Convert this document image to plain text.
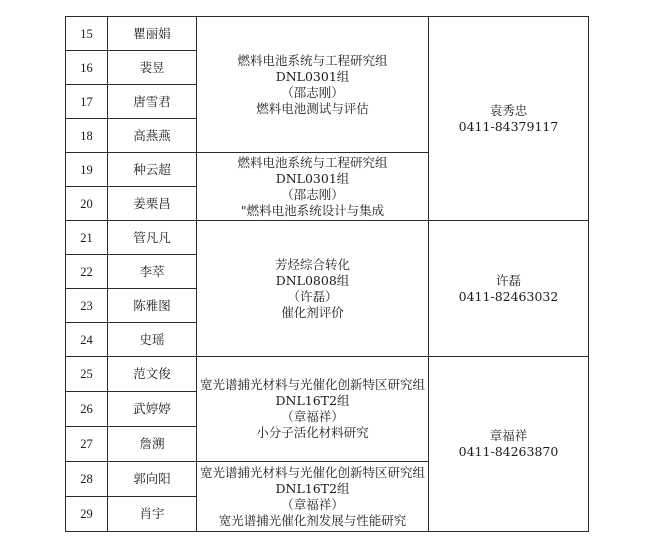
15	瞿丽娟	燃料电池系统与工程研究组
DNL0301组
（邵志刚）
燃料电池测试与评估	袁秀忠
0411-84379117

16	裴昱		
17	唐雪君		
18	高燕燕		
19	种云超	燃料电池系统与工程研究组
DNL0301组
（邵志刚）
"燃料电池系统设计与集成	

20	姜栗昌		
21	管凡凡	芳烃综合转化
DNL0808组
（许磊）
催化剂评价	许磊
0411-82463032

22	李萃		
23	陈雅图		
24	史瑶		
25	范文俊	宽光谱捕光材料与光催化创新特区研究组
DNL16T2组
（章福祥）
小分子活化材料研究	章福祥
0411-84263870

26	武婷婷		
27	詹溯		
28	郭向阳	宽光谱捕光材料与光催化创新特区研究组
DNL16T2组
（章福祥）
宽光谱捕光催化剂发展与性能研究	

29	肖宇		
